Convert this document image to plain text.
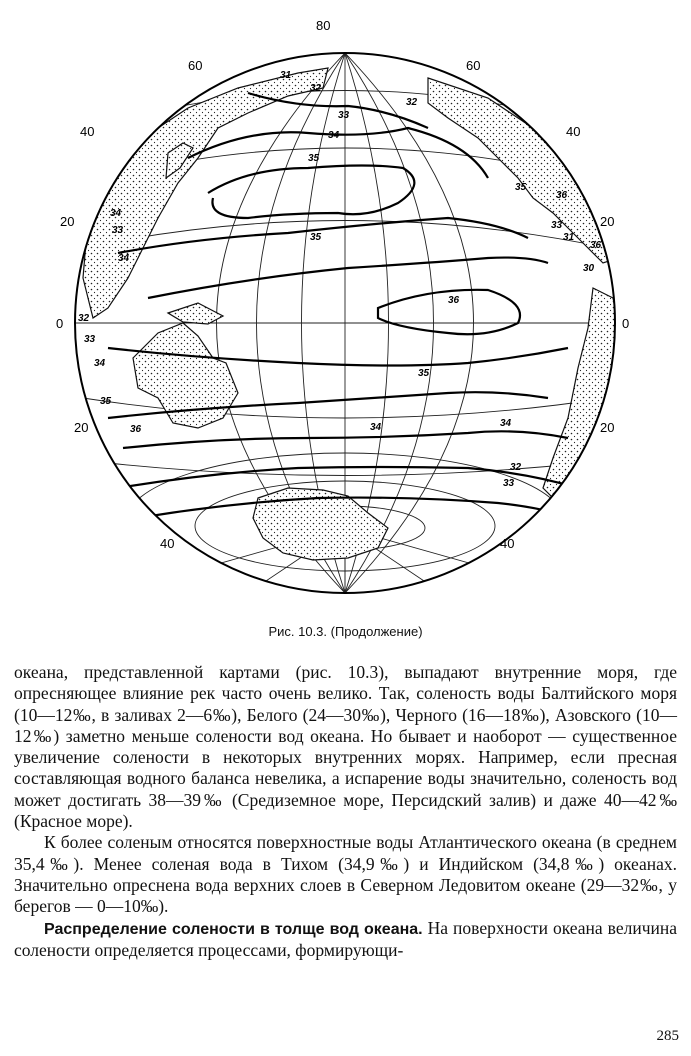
31
32
32
33
34
35
35
35
36
35
36
33
31
36
30
34
33
34
32
33
34
35
36	34	34
32
33
80
60	60
40
20
0
20
40
40
20
0
20
40
Рис. 10.3. (Продолжение)

океана, представленной картами (рис. 10.3), выпадают внутренние моря, где опресняющее влияние рек часто очень велико. Так, соленость воды Балтийского моря (10—12‰, в заливах 2—6‰), Белого (24—30‰), Черного (16—18‰), Азовского (10—12‰) заметно меньше солености вод океана. Но бывает и наоборот — существенное увеличение солености в некоторых внутренних морях. Например, если пресная составляющая водного баланса невелика, а испарение воды значительно, соленость вод может достигать 38—39‰ (Средиземное море, Персидский залив) и даже 40—42‰ (Красное море).

К более соленым относятся поверхностные воды Атлантического океана (в среднем 35,4‰). Менее соленая вода в Тихом (34,9‰) и Индийском (34,8‰) океанах. Значительно опреснена вода верхних слоев в Северном Ледовитом океане (29—32‰, у берегов — 0—10‰).

Распределение солености в толще вод океана. На поверхности океана величина солености определяется процессами, формирующи-

285
